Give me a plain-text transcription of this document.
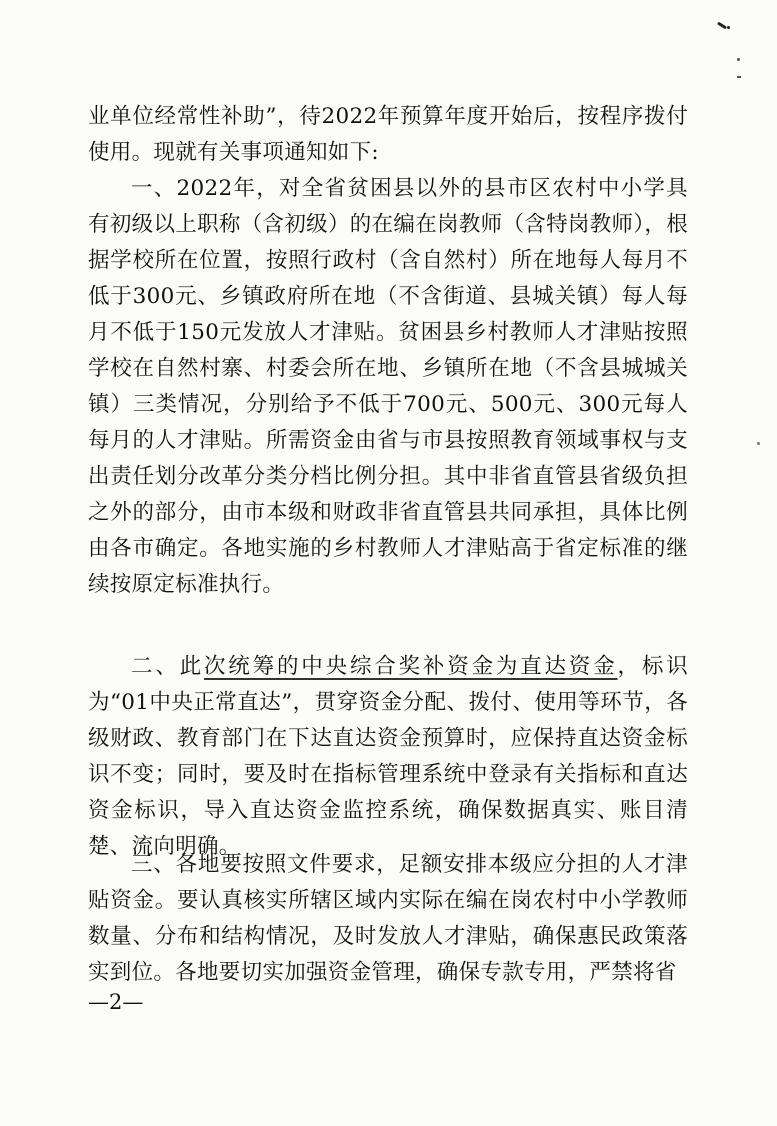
业单位经常性补助”，待2022年预算年度开始后，按程序拨付使用。现就有关事项通知如下:

一、2022年，对全省贫困县以外的县市区农村中小学具有初级以上职称（含初级）的在编在岗教师（含特岗教师），根据学校所在位置，按照行政村（含自然村）所在地每人每月不低于300元、乡镇政府所在地（不含街道、县城关镇）每人每月不低于150元发放人才津贴。贫困县乡村教师人才津贴按照学校在自然村寨、村委会所在地、乡镇所在地（不含县城城关镇）三类情况，分别给予不低于700元、500元、300元每人每月的人才津贴。所需资金由省与市县按照教育领域事权与支出责任划分改革分类分档比例分担。其中非省直管县省级负担之外的部分，由市本级和财政非省直管县共同承担，具体比例由各市确定。各地实施的乡村教师人才津贴高于省定标准的继续按原定标准执行。

二、此次统筹的中央综合奖补资金为直达资金，标识为“01中央正常直达”，贯穿资金分配、拨付、使用等环节，各级财政、教育部门在下达直达资金预算时，应保持直达资金标识不变；同时，要及时在指标管理系统中登录有关指标和直达资金标识，导入直达资金监控系统，确保数据真实、账目清楚、流向明确。

三、各地要按照文件要求，足额安排本级应分担的人才津贴资金。要认真核实所辖区域内实际在编在岗农村中小学教师数量、分布和结构情况，及时发放人才津贴，确保惠民政策落实到位。各地要切实加强资金管理，确保专款专用，严禁将省

—2—
